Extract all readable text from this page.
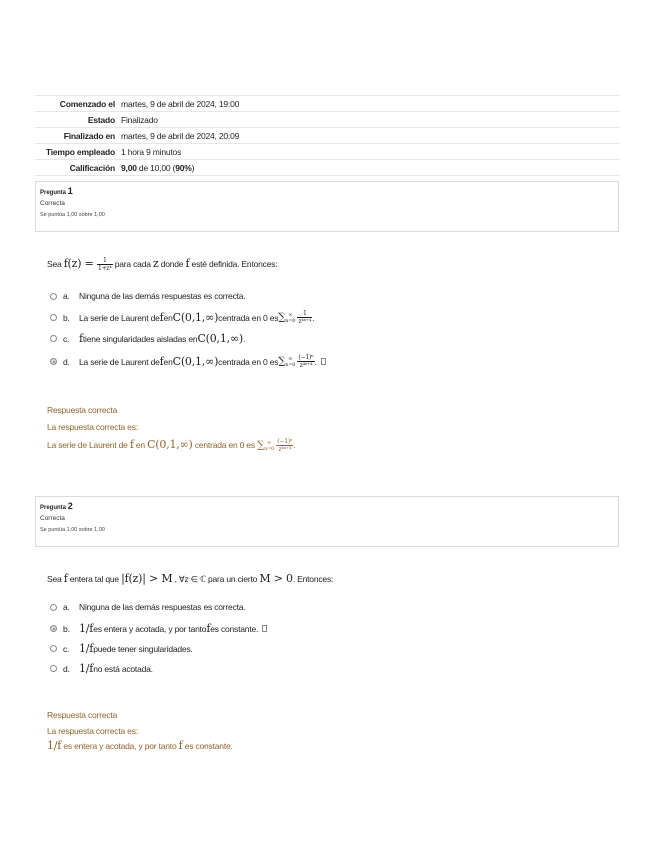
Comenzado el martes, 9 de abril de 2024, 19:00
Estado Finalizado
Finalizado en martes, 9 de abril de 2024, 20:09
Tiempo empleado 1 hora 9 minutos
Calificación 9,00 de 10,00 (90%)
Pregunta 1
Correcta
Se puntúa 1,00 sobre 1,00
Sea $f(z) = \frac{1}{\text{1+z⁴}}$ para cada z donde f esté definida. Entonces:
a.	Ninguna de las demás respuestas es correcta.
b.	La serie de Laurent de f en C(0,1,∞) centrada en 0 es ∑ ∞
n=0
$\frac{1}{\text{z⁴ⁿ⁺⁴}}$ .
c. f tiene singularidades aisladas en C(0,1,∞) .
d.	La serie de Laurent de f en C(0,1,∞) centrada en 0 es ∑ ∞
n=0
$\frac{\text{(−1)ⁿ}}{\text{z⁴ⁿ⁺⁴}}$ .
Respuesta correcta
La respuesta correcta es:
La serie de Laurent de f en C(0,1,∞) centrada en 0 es ∑ ∞
n=0
$\frac{\text{(−1)ⁿ}}{\text{z⁴ⁿ⁺⁴}}$ .
Pregunta 2
Correcta
Se puntúa 1,00 sobre 1,00
Sea f entera tal que |f(z)| > M , ∀z ∈ ℂ para un cierto M > 0. Entonces:
a.	Ninguna de las demás respuestas es correcta.
b. 1/f es entera y acotada, y por tanto f es constante.
c. 1/f puede tener singularidades.
d. 1/f no está acotada.
Respuesta correcta
La respuesta correcta es:
1/f es entera y acotada, y por tanto f es constante.
